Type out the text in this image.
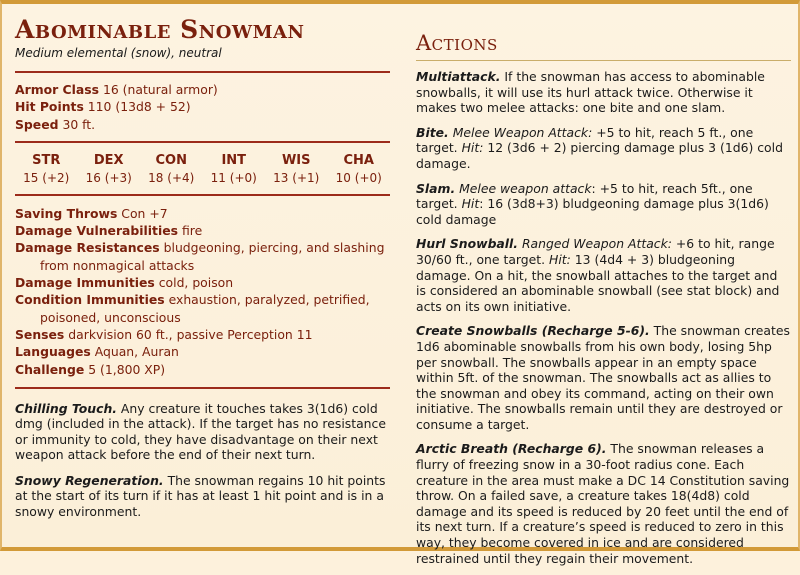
Abominable Snowman
Medium elemental (snow), neutral
Armor Class 16 (natural armor)
Hit Points 110 (13d8 + 52)
Speed 30 ft.
STR
15 (+2)
DEX
16 (+3)
CON
18 (+4)
INT
11 (+0)
WIS
13 (+1)
CHA
10 (+0)
Saving Throws Con +7
Damage Vulnerabilities fire
Damage Resistances bludgeoning, piercing, and slashing from nonmagical attacks
Damage Immunities cold, poison
Condition Immunities exhaustion, paralyzed, petrified, poisoned, unconscious
Senses darkvision 60 ft., passive Perception 11
Languages Aquan, Auran
Challenge 5 (1,800 XP)

Chilling Touch. Any creature it touches takes 3(1d6) cold dmg (included in the attack). If the target has no resistance or immunity to cold, they have disadvantage on their next weapon attack before the end of their next turn.

Snowy Regeneration. The snowman regains 10 hit points at the start of its turn if it has at least 1 hit point and is in a snowy environment.

Actions

Multiattack. If the snowman has access to abominable snowballs, it will use its hurl attack twice. Otherwise it makes two melee attacks: one bite and one slam.

Bite. Melee Weapon Attack: +5 to hit, reach 5 ft., one target. Hit: 12 (3d6 + 2) piercing damage plus 3 (1d6) cold damage.

Slam. Melee weapon attack: +5 to hit, reach 5ft., one target. Hit: 16 (3d8+3) bludgeoning damage plus 3(1d6) cold damage

Hurl Snowball. Ranged Weapon Attack: +6 to hit, range 30/60 ft., one target. Hit: 13 (4d4 + 3) bludgeoning damage. On a hit, the snowball attaches to the target and is considered an abominable snowball (see stat block) and acts on its own initiative.

Create Snowballs (Recharge 5-6). The snowman creates 1d6 abominable snowballs from his own body, losing 5hp per snowball. The snowballs appear in an empty space within 5ft. of the snowman. The snowballs act as allies to the snowman and obey its command, acting on their own initiative. The snowballs remain until they are destroyed or consume a target.

Arctic Breath (Recharge 6). The snowman releases a flurry of freezing snow in a 30-foot radius cone. Each creature in the area must make a DC 14 Constitution saving throw. On a failed save, a creature takes 18(4d8) cold damage and its speed is reduced by 20 feet until the end of its next turn. If a creature’s speed is reduced to zero in this way, they become covered in ice and are considered restrained until they regain their movement.
